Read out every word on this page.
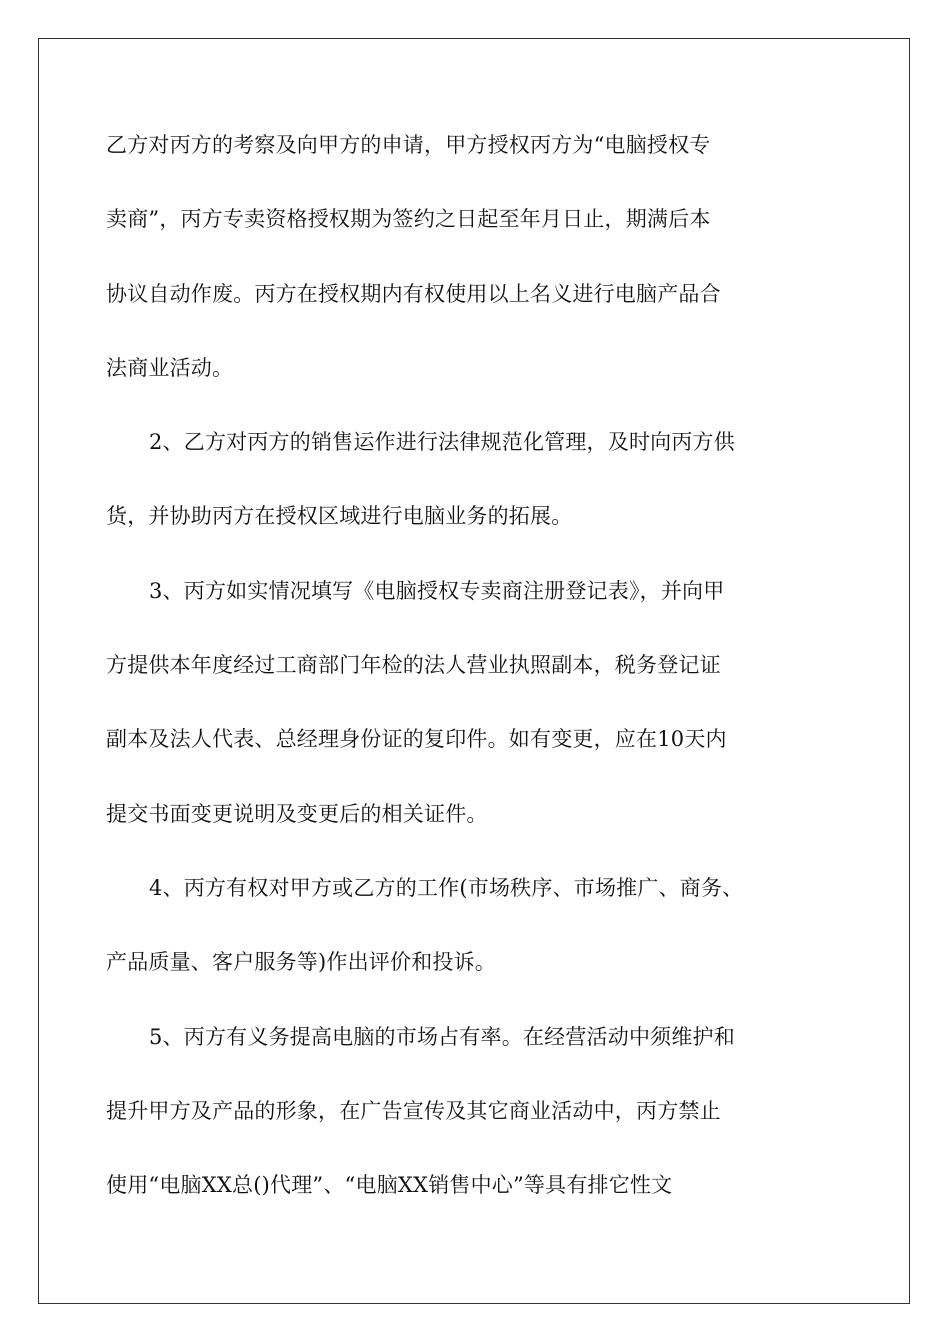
乙方对丙方的考察及向甲方的申请，甲方授权丙方为“电脑授权专
卖商”，丙方专卖资格授权期为签约之日起至年月日止，期满后本
协议自动作废。丙方在授权期内有权使用以上名义进行电脑产品合
法商业活动。
2、乙方对丙方的销售运作进行法律规范化管理，及时向丙方供
货，并协助丙方在授权区域进行电脑业务的拓展。
3、丙方如实情况填写《电脑授权专卖商注册登记表》，并向甲
方提供本年度经过工商部门年检的法人营业执照副本，税务登记证
副本及法人代表、总经理身份证的复印件。如有变更，应在10天内
提交书面变更说明及变更后的相关证件。
4、丙方有权对甲方或乙方的工作(市场秩序、市场推广、商务、
产品质量、客户服务等)作出评价和投诉。
5、丙方有义务提高电脑的市场占有率。在经营活动中须维护和
提升甲方及产品的形象，在广告宣传及其它商业活动中，丙方禁止
使用“电脑XX总()代理”、“电脑XX销售中心”等具有排它性文
